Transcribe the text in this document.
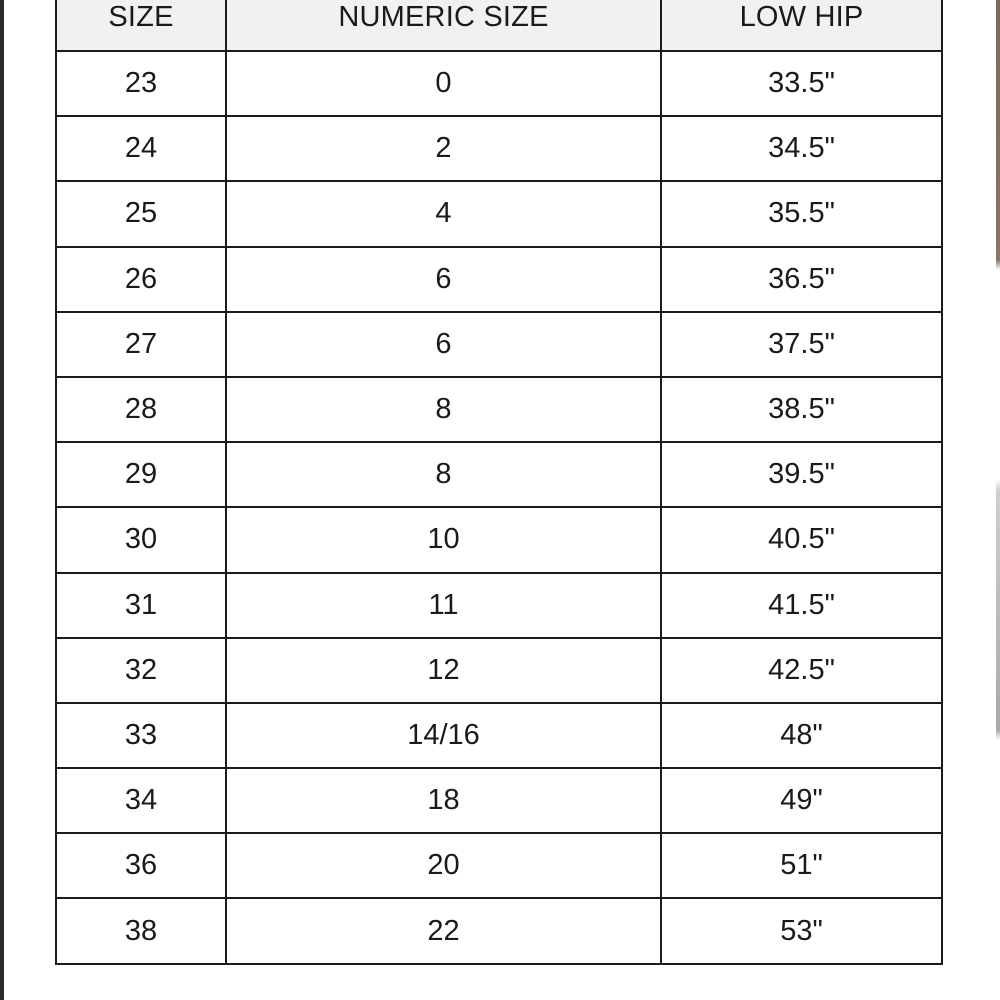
SIZE	NUMERIC SIZE	LOW HIP
23	0	33.5"
24	2	34.5"
25	4	35.5"
26	6	36.5"
27	6	37.5"
28	8	38.5"
29	8	39.5"
30	10	40.5"
31	11	41.5"
32	12	42.5"
33	14/16	48"
34	18	49"
36	20	51"
38	22	53"
